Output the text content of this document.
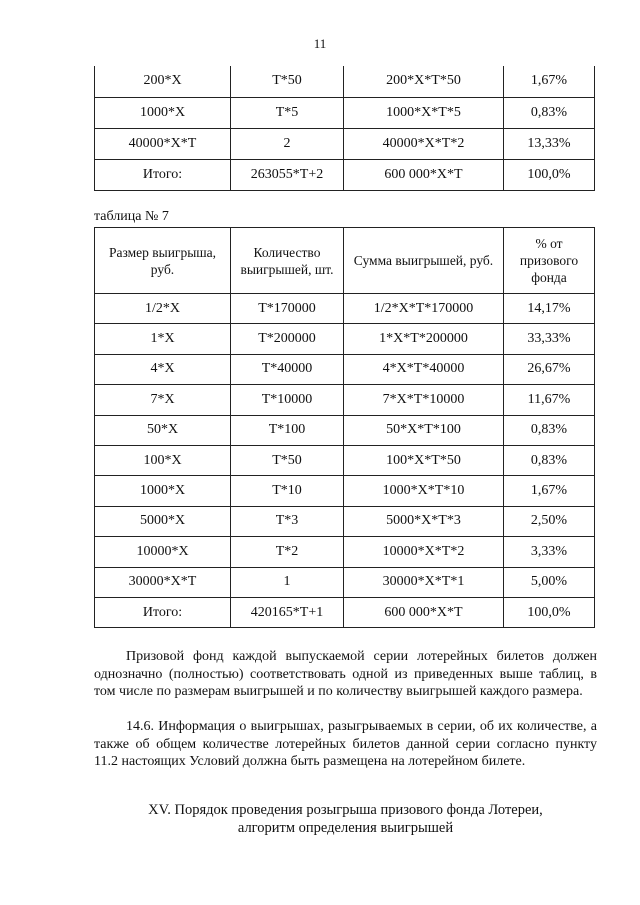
11
200*X	T*50	200*X*T*50	1,67%
1000*X	T*5	1000*X*T*5	0,83%
40000*X*T	2	40000*X*T*2	13,33%
Итого:	263055*T+2	600 000*X*T	100,0%
таблица № 7
Размер выигрыша, руб.	Количество выигрышей, шт.	Сумма выигрышей, руб.	% от призового фонда
1/2*X	T*170000	1/2*X*T*170000	14,17%
1*X	T*200000	1*X*T*200000	33,33%
4*X	T*40000	4*X*T*40000	26,67%
7*X	T*10000	7*X*T*10000	11,67%
50*X	T*100	50*X*T*100	0,83%
100*X	T*50	100*X*T*50	0,83%
1000*X	T*10	1000*X*T*10	1,67%
5000*X	T*3	5000*X*T*3	2,50%
10000*X	T*2	10000*X*T*2	3,33%
30000*X*T	1	30000*X*T*1	5,00%
Итого:	420165*T+1	600 000*X*T	100,0%

Призовой фонд каждой выпускаемой серии лотерейных билетов должен однозначно (полностью) соответствовать одной из приведенных выше таблиц, в том числе по размерам выигрышей и по количеству выигрышей каждого размера.

14.6. Информация о выигрышах, разыгрываемых в серии, об их количестве, а также об общем количестве лотерейных билетов данной серии согласно пункту 11.2 настоящих Условий должна быть размещена на лотерейном билете.

XV. Порядок проведения розыгрыша призового фонда Лотереи,
алгоритм определения выигрышей
